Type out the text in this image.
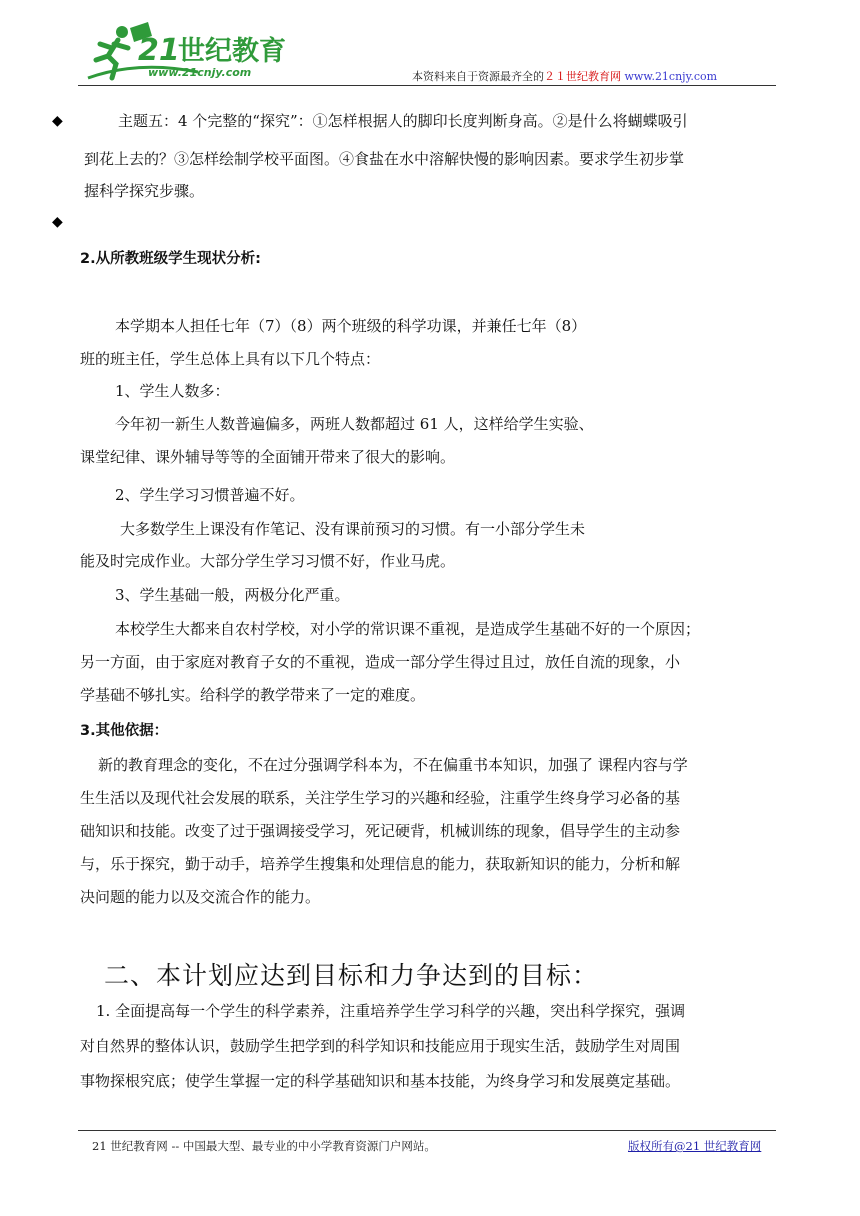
21
世纪教育
www.21cnjy.com	本资料来自于资源最齐全的２１世纪教育网 www.21cnjy.com
◆	主题五：4 个完整的“探究”：①怎样根据人的脚印长度判断身高。②是什么将蝴蝶吸引
到花上去的？③怎样绘制学校平面图。④食盐在水中溶解快慢的影响因素。要求学生初步掌
握科学探究步骤。
◆
2.从所教班级学生现状分析:
本学期本人担任七年（7）（8）两个班级的科学功课，并兼任七年（8）
班的班主任，学生总体上具有以下几个特点：
1、学生人数多：
今年初一新生人数普遍偏多，两班人数都超过 61 人，这样给学生实验、
课堂纪律、课外辅导等等的全面铺开带来了很大的影响。
2、学生学习习惯普遍不好。
大多数学生上课没有作笔记、没有课前预习的习惯。有一小部分学生未
能及时完成作业。大部分学生学习习惯不好，作业马虎。
3、学生基础一般，两极分化严重。
本校学生大都来自农村学校，对小学的常识课不重视，是造成学生基础不好的一个原因；
另一方面，由于家庭对教育子女的不重视，造成一部分学生得过且过，放任自流的现象，小
学基础不够扎实。给科学的教学带来了一定的难度。
3.其他依据：
新的教育理念的变化，不在过分强调学科本为，不在偏重书本知识，加强了 课程内容与学
生生活以及现代社会发展的联系，关注学生学习的兴趣和经验，注重学生终身学习必备的基
础知识和技能。改变了过于强调接受学习，死记硬背，机械训练的现象，倡导学生的主动参
与，乐于探究，勤于动手，培养学生搜集和处理信息的能力，获取新知识的能力，分析和解
决问题的能力以及交流合作的能力。
二、本计划应达到目标和力争达到的目标：
1. 全面提高每一个学生的科学素养，注重培养学生学习科学的兴趣，突出科学探究，强调
对自然界的整体认识，鼓励学生把学到的科学知识和技能应用于现实生活，鼓励学生对周围
事物探根究底；使学生掌握一定的科学基础知识和基本技能，为终身学习和发展奠定基础。
21 世纪教育网 -- 中国最大型、最专业的中小学教育资源门户网站。	版权所有@21 世纪教育网
